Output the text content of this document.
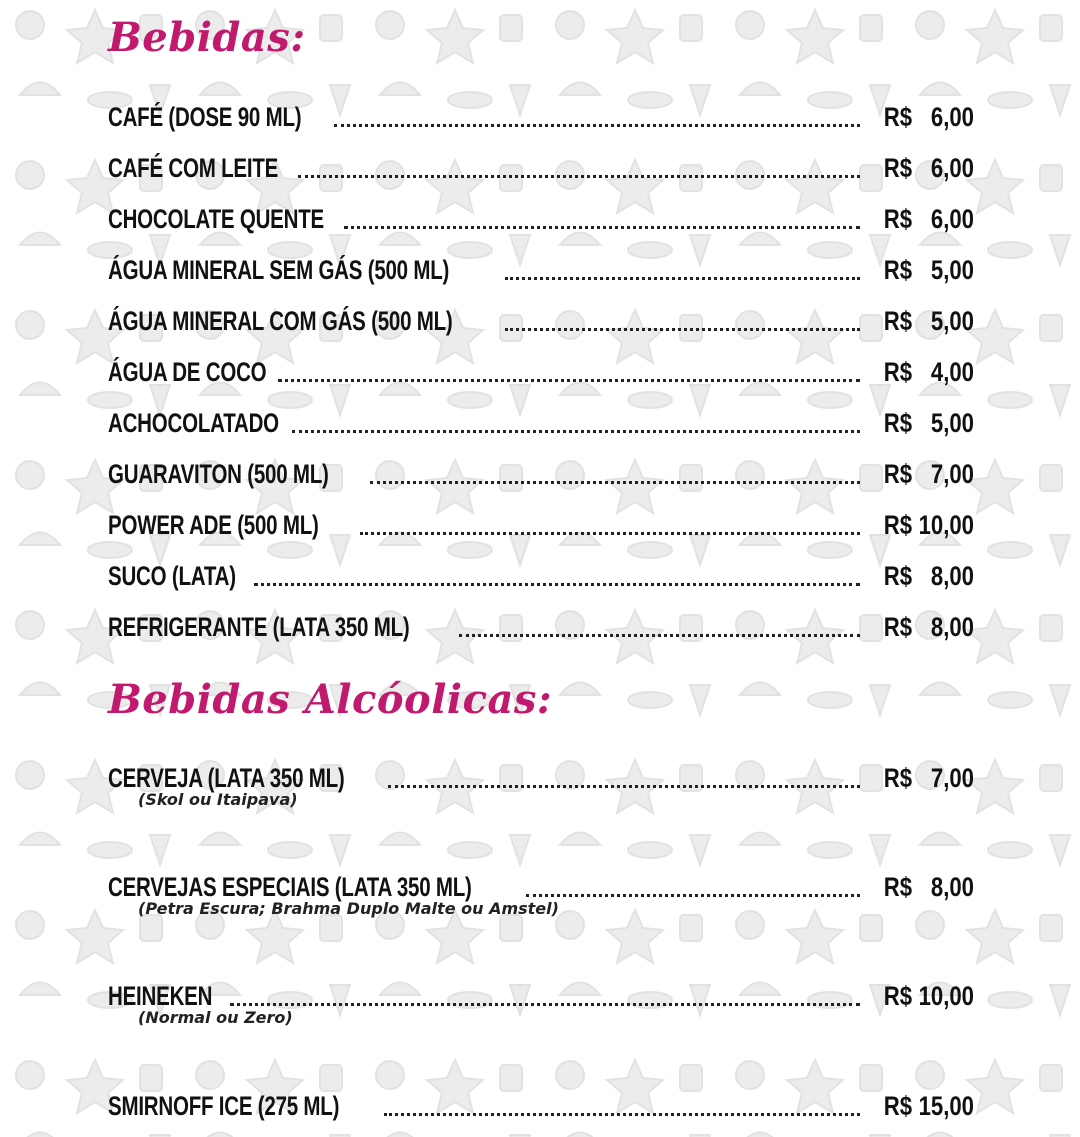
Bebidas:
CAFÉ (DOSE 90 ML)	R$ 6,00
CAFÉ COM LEITE	R$ 6,00
CHOCOLATE QUENTE	R$ 6,00
ÁGUA MINERAL SEM GÁS (500 ML)	R$ 5,00
ÁGUA MINERAL COM GÁS (500 ML)	R$ 5,00
ÁGUA DE COCO	R$ 4,00
ACHOCOLATADO	R$ 5,00
GUARAVITON (500 ML)	R$ 7,00
POWER ADE (500 ML)	R$ 10,00
SUCO (LATA)	R$ 8,00
REFRIGERANTE (LATA 350 ML)	R$ 8,00
Bebidas Alcóolicas:
CERVEJA (LATA 350 ML)	R$ 7,00
(Skol ou Itaipava)
CERVEJAS ESPECIAIS (LATA 350 ML)	R$ 8,00
(Petra Escura; Brahma Duplo Malte ou Amstel)
HEINEKEN	R$ 10,00
(Normal ou Zero)
SMIRNOFF ICE (275 ML)	R$ 15,00
